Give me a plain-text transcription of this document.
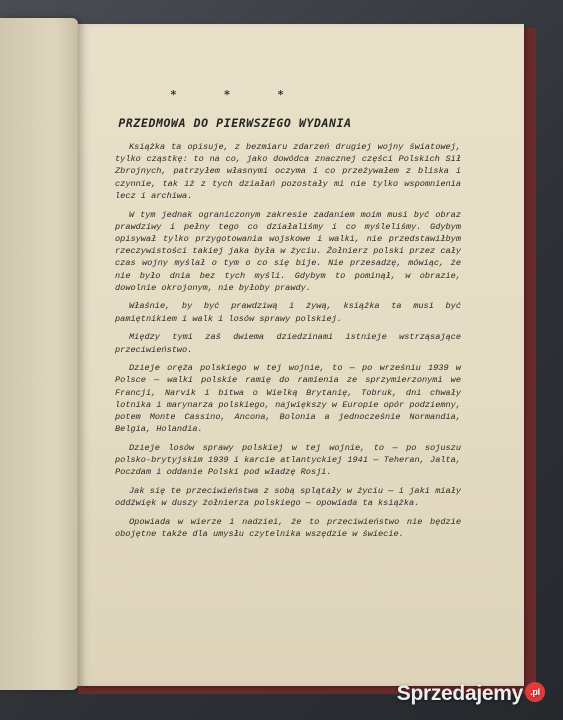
* * *
PRZEDMOWA DO PIERWSZEGO WYDANIA

Książka ta opisuje, z bezmiaru zdarzeń drugiej wojny światowej, tylko cząstkę: to na co, jako dowódca znacznej części Polskich Sił Zbrojnych, patrzyłem własnymi oczyma i co przeżywałem z bliska i czynnie, tak iż z tych działań pozostały mi nie tylko wspomnienia lecz i archiwa.

W tym jednak ograniczonym zakresie zadaniem moim musi być obraz prawdziwy i pełny tego co działaliśmy i co myśleliśmy. Gdybym opisywał tylko przygotowania wojskowe i walki, nie przedstawiłbym rzeczywistości takiej jaka była w życiu. Żołnierz polski przez cały czas wojny myślał o tym o co się bije. Nie przesadzę, mówiąc, że nie było dnia bez tych myśli. Gdybym to pominął, w obrazie, dowolnie okrojonym, nie byłoby prawdy.

Właśnie, by być prawdziwą i żywą, książka ta musi być pamiętnikiem i walk i losów sprawy polskiej.

Między tymi zaś dwiema dziedzinami istnieje wstrząsające przeciwieństwo.

Dzieje oręża polskiego w tej wojnie, to — po wrześniu 1939 w Polsce — walki polskie ramię do ramienia ze sprzymierzonymi we Francji, Narvik i bitwa o Wielką Brytanię, Tobruk, dni chwały lotnika i marynarza polskiego, największy w Europie opór podziemny, potem Monte Cassino, Ancona, Bolonia a jednocześnie Normandia, Belgia, Holandia.

Dzieje losów sprawy polskiej w tej wojnie, to — po sojuszu polsko-brytyjskim 1939 i karcie atlantyckiej 1941 — Teheran, Jalta, Poczdam i oddanie Polski pod władzę Rosji.

Jak się te przeciwieństwa z sobą splątały w życiu — i jaki miały oddźwięk w duszy żołnierza polskiego — opowiada ta książka.

Opowiada w wierze i nadziei, że to przeciwieństwo nie będzie obojętne także dla umysłu czytelnika wszędzie w świecie.

Sprzedajemy .pl
